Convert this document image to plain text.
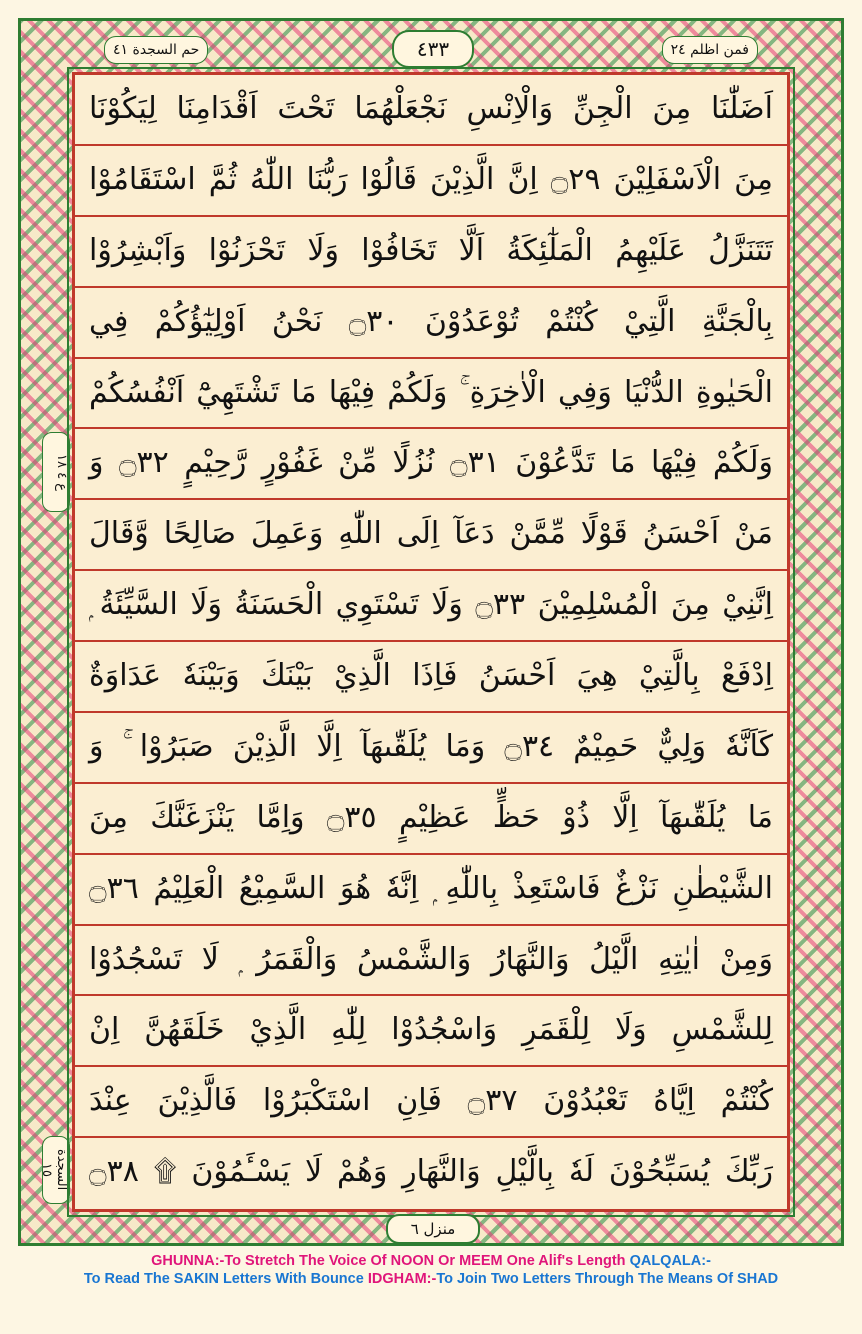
حم السجدة ٤١	٤٣٣	فمن اظلم ٢٤
ع ٤ ١٨
السجدة ١٥
اَضَلّٰنَا مِنَ الْجِنِّ وَالْاِنْسِ نَجْعَلْهُمَا تَحْتَ اَقْدَامِنَا لِيَكُوْنَا
مِنَ الْاَسْفَلِيْنَ ۝٢٩ اِنَّ الَّذِيْنَ قَالُوْا رَبُّنَا اللّٰهُ ثُمَّ اسْتَقَامُوْا
تَتَنَزَّلُ عَلَيْهِمُ الْمَلٰٓئِكَةُ اَلَّا تَخَافُوْا وَلَا تَحْزَنُوْا وَاَبْشِرُوْا
بِالْجَنَّةِ الَّتِيْ كُنْتُمْ تُوْعَدُوْنَ ۝٣٠ نَحْنُ اَوْلِيٰٓؤُكُمْ فِي
الْحَيٰوةِ الدُّنْيَا وَفِي الْاٰخِرَةِ ۚ وَلَكُمْ فِيْهَا مَا تَشْتَهِيْٓ اَنْفُسُكُمْ
وَلَكُمْ فِيْهَا مَا تَدَّعُوْنَ ۝٣١ نُزُلًا مِّنْ غَفُوْرٍ رَّحِيْمٍ ۝٣٢ وَ
مَنْ اَحْسَنُ قَوْلًا مِّمَّنْ دَعَآ اِلَى اللّٰهِ وَعَمِلَ صَالِحًا وَّقَالَ
اِنَّنِيْ مِنَ الْمُسْلِمِيْنَ ۝٣٣ وَلَا تَسْتَوِي الْحَسَنَةُ وَلَا السَّيِّئَةُ ۭ
اِدْفَعْ بِالَّتِيْ هِيَ اَحْسَنُ فَاِذَا الَّذِيْ بَيْنَكَ وَبَيْنَهٗ عَدَاوَةٌ
كَاَنَّهٗ وَلِيٌّ حَمِيْمٌ ۝٣٤ وَمَا يُلَقّٰىهَآ اِلَّا الَّذِيْنَ صَبَرُوْا ۚ وَ
مَا يُلَقّٰىهَآ اِلَّا ذُوْ حَظٍّ عَظِيْمٍ ۝٣٥ وَاِمَّا يَنْزَغَنَّكَ مِنَ
الشَّيْطٰنِ نَزْغٌ فَاسْتَعِذْ بِاللّٰهِ ۭ اِنَّهٗ هُوَ السَّمِيْعُ الْعَلِيْمُ ۝٣٦
وَمِنْ اٰيٰتِهِ الَّيْلُ وَالنَّهَارُ وَالشَّمْسُ وَالْقَمَرُ ۭ لَا تَسْجُدُوْا
لِلشَّمْسِ وَلَا لِلْقَمَرِ وَاسْجُدُوْا لِلّٰهِ الَّذِيْ خَلَقَهُنَّ اِنْ
كُنْتُمْ اِيَّاهُ تَعْبُدُوْنَ ۝٣٧ فَاِنِ اسْتَكْبَرُوْا فَالَّذِيْنَ عِنْدَ
رَبِّكَ يُسَبِّحُوْنَ لَهٗ بِالَّيْلِ وَالنَّهَارِ وَهُمْ لَا يَسْـَٔمُوْنَ ۩ ۝٣٨
منزل ٦
GHUNNA:-To Stretch The Voice Of NOON Or MEEM One Alif's Length QALQALA:-
To Read The SAKIN Letters With Bounce IDGHAM:-To Join Two Letters Through The Means Of SHAD
